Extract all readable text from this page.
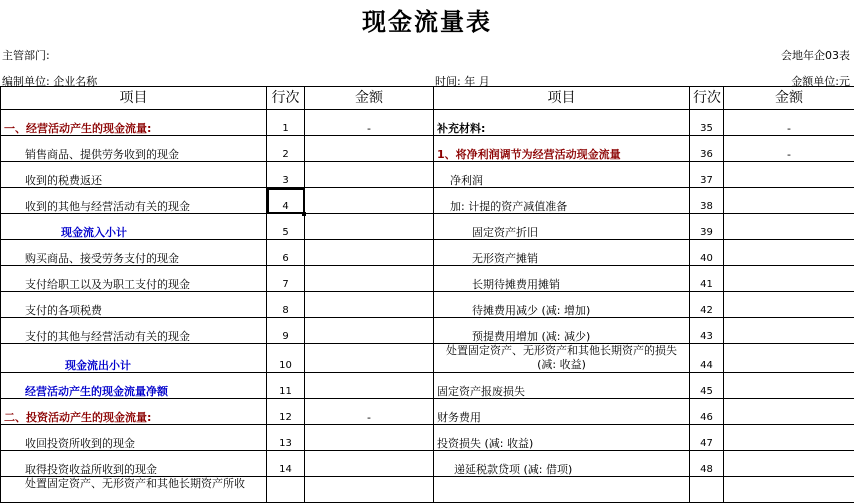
现金流量表
主管部门:	会地年企03表
编制单位: 企业名称	时间: 年 月	金额单位:元
项目	行次	金额	项目	行次	金额
一、经营活动产生的现金流量:	1	-	补充材料:	35	-
销售商品、提供劳务收到的现金	2		1、将净利润调节为经营活动现金流量	36	-
收到的税费返还	3		净利润	37	
收到的其他与经营活动有关的现金	4		加: 计提的资产减值准备	38	
现金流入小计	5		固定资产折旧	39	
购买商品、接受劳务支付的现金	6		无形资产摊销	40	
支付给职工以及为职工支付的现金	7		长期待摊费用摊销	41	
支付的各项税费	8		待摊费用减少 (减: 增加)	42	
支付的其他与经营活动有关的现金	9		预提费用增加 (减: 减少)	43	
现金流出小计	10		处置固定资产、无形资产和其他长期资产的损失 (减: 收益)	44	
经营活动产生的现金流量净额	11		固定资产报废损失	45	
二、投资活动产生的现金流量:	12	-	财务费用	46	
收回投资所收到的现金	13		投资损失 (减: 收益)	47	
取得投资收益所收到的现金	14		递延税款贷项 (减: 借项)	48	
处置固定资产、无形资产和其他长期资产所收					
